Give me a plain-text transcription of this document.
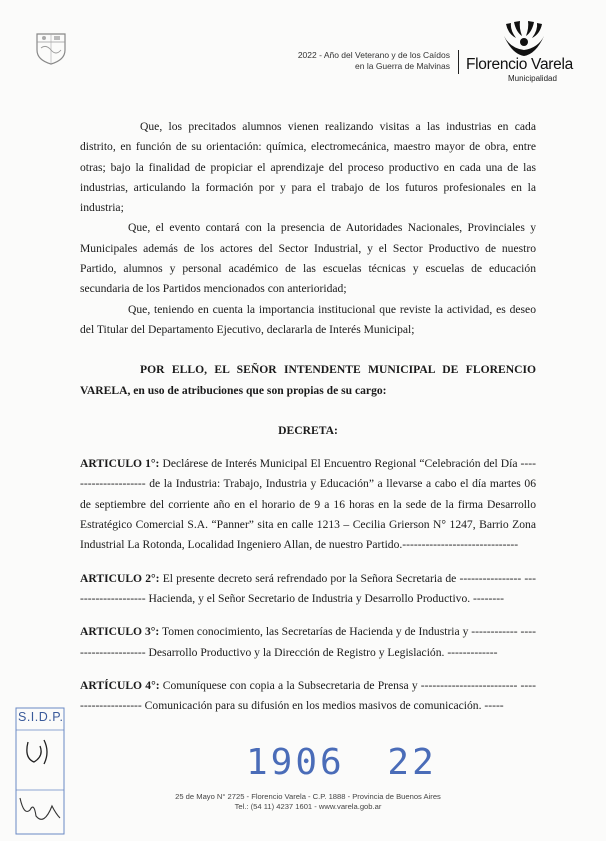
2022 - Año del Veterano y de los Caídos
en la Guerra de Malvinas Florencio Varela
Municipalidad

Que, los precitados alumnos vienen realizando visitas a las industrias en cada distrito, en función de su orientación: química, electromecánica, maestro mayor de obra, entre otras; bajo la finalidad de propiciar el aprendizaje del proceso productivo en cada una de las industrias, articulando la formación por y para el trabajo de los futuros profesionales en la industria;

Que, el evento contará con la presencia de Autoridades Nacionales, Provinciales y Municipales además de los actores del Sector Industrial, y el Sector Productivo de nuestro Partido, alumnos y personal académico de las escuelas técnicas y escuelas de educación secundaria de los Partidos mencionados con anterioridad;

Que, teniendo en cuenta la importancia institucional que reviste la actividad, es deseo del Titular del Departamento Ejecutivo, declararla de Interés Municipal;

POR ELLO, EL SEÑOR INTENDENTE MUNICIPAL DE FLORENCIO VARELA, en uso de atribuciones que son propias de su cargo:

DECRETA:

ARTICULO 1°: Declárese de Interés Municipal El Encuentro Regional “Celebración del Día --------------------- de la Industria: Trabajo, Industria y Educación” a llevarse a cabo el día martes 06 de septiembre del corriente año en el horario de 9 a 16 horas en la sede de la firma Desarrollo Estratégico Comercial S.A. “Panner” sita en calle 1213 – Cecilia Grierson N° 1247, Barrio Zona Industrial La Rotonda, Localidad Ingeniero Allan, de nuestro Partido.------------------------------

ARTICULO 2°: El presente decreto será refrendado por la Señora Secretaria de ---------------- -------------------- Hacienda, y el Señor Secretario de Industria y Desarrollo Productivo. --------

ARTICULO 3°: Tomen conocimiento, las Secretarías de Hacienda y de Industria y ------------ --------------------- Desarrollo Productivo y la Dirección de Registro y Legislación. -------------

ARTÍCULO 4°: Comuníquese con copia a la Subsecretaria de Prensa y ------------------------- -------------------- Comunicación para su difusión en los medios masivos de comunicación. -----

S.I.D.P.
1906 22
25 de Mayo N° 2725 - Florencio Varela - C.P. 1888 - Provincia de Buenos Aires
Tel.: (54 11) 4237 1601 - www.varela.gob.ar
